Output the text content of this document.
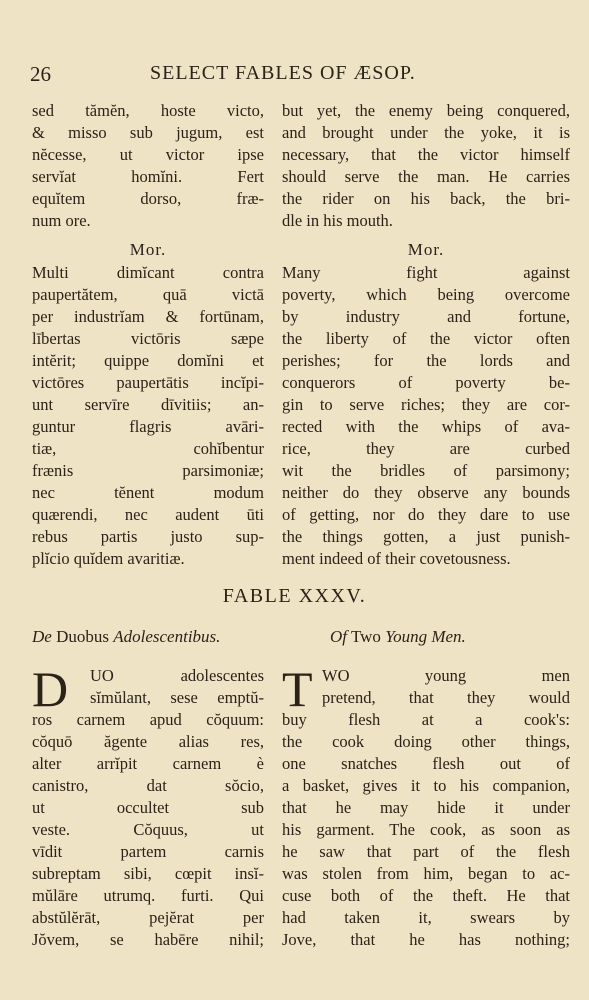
26	SELECT FABLES OF ÆSOP.
sed tămĕn, hoste victo,
& misso sub jugum, est
nĕcesse, ut victor ipse
servĭat homĭni. Fert
equĭtem dorso, fræ-
num ore.
but yet, the enemy being conquered,
and brought under the yoke, it is
necessary, that the victor himself
should serve the man. He carries
the rider on his back, the bri-
dle in his mouth.
Mor.	Mor.
Multi dimĭcant contra
paupertătem, quā victā
per industrĭam & fortūnam,
lībertas victōris sæpe
intĕrit; quippe domĭni et
victōres paupertātis incĭpi-
unt servīre dīvitiis; an-
guntur flagris avāri-
tiæ, cohĭbentur
frænis parsimoniæ;
nec tĕnent modum
quærendi, nec audent ūti
rebus partis justo sup-
plĭcio quĭdem avaritiæ.
Many fight against
poverty, which being overcome
by industry and fortune,
the liberty of the victor often
perishes; for the lords and
conquerors of poverty be-
gin to serve riches; they are cor-
rected with the whips of ava-
rice, they are curbed
wit the bridles of parsimony;
neither do they observe any bounds
of getting, nor do they dare to use
the things gotten, a just punish-
ment indeed of their covetousness.
FABLE XXXV.
De Duobus Adolescentibus.	Of Two Young Men.
D UO adolescentes
sĭmŭlant, sese emptŭ-
ros carnem apud cŏquum:
cŏquō ăgente alias res,
alter arrĭpit carnem è
canistro, dat sŏcio,
ut occultet sub
veste. Cŏquus, ut
vīdit partem carnis
subreptam sibi, cœpit insĭ-
mŭlāre utrumq. furti. Qui
abstŭlĕrāt, pejĕrat per
Jŏvem, se habēre nihil;
T WO young men
pretend, that they would
buy flesh at a cook's:
the cook doing other things,
one snatches flesh out of
a basket, gives it to his companion,
that he may hide it under
his garment. The cook, as soon as
he saw that part of the flesh
was stolen from him, began to ac-
cuse both of the theft. He that
had taken it, swears by
Jove, that he has nothing;
